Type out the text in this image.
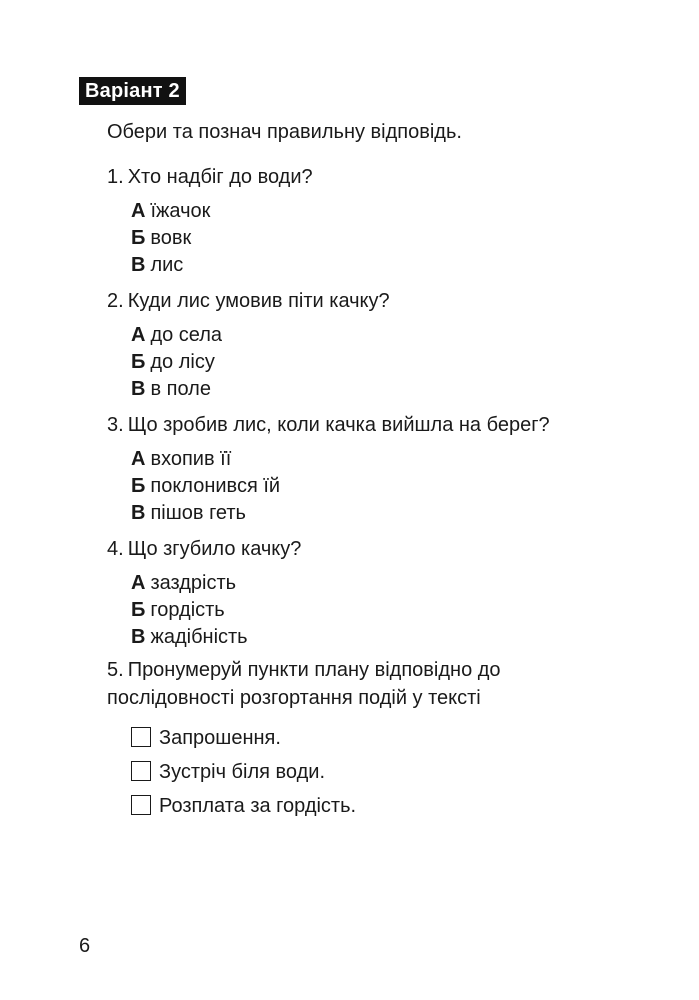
Варіант 2
Обери та познач правильну відповідь.
1. Хто надбіг до води?
А їжачок
Б вовк
В лис
2. Куди лис умовив піти качку?
А до села
Б до лісу
В в поле
3. Що зробив лис, коли качка вийшла на берег?
А вхопив її
Б поклонився їй
В пішов геть
4. Що згубило качку?
А заздрість
Б гордість
В жадібність
5. Пронумеруй пункти плану відповідно до
послідовності розгортання подій у тексті
Запрошення.
Зустріч біля води.
Розплата за гордість.
6
